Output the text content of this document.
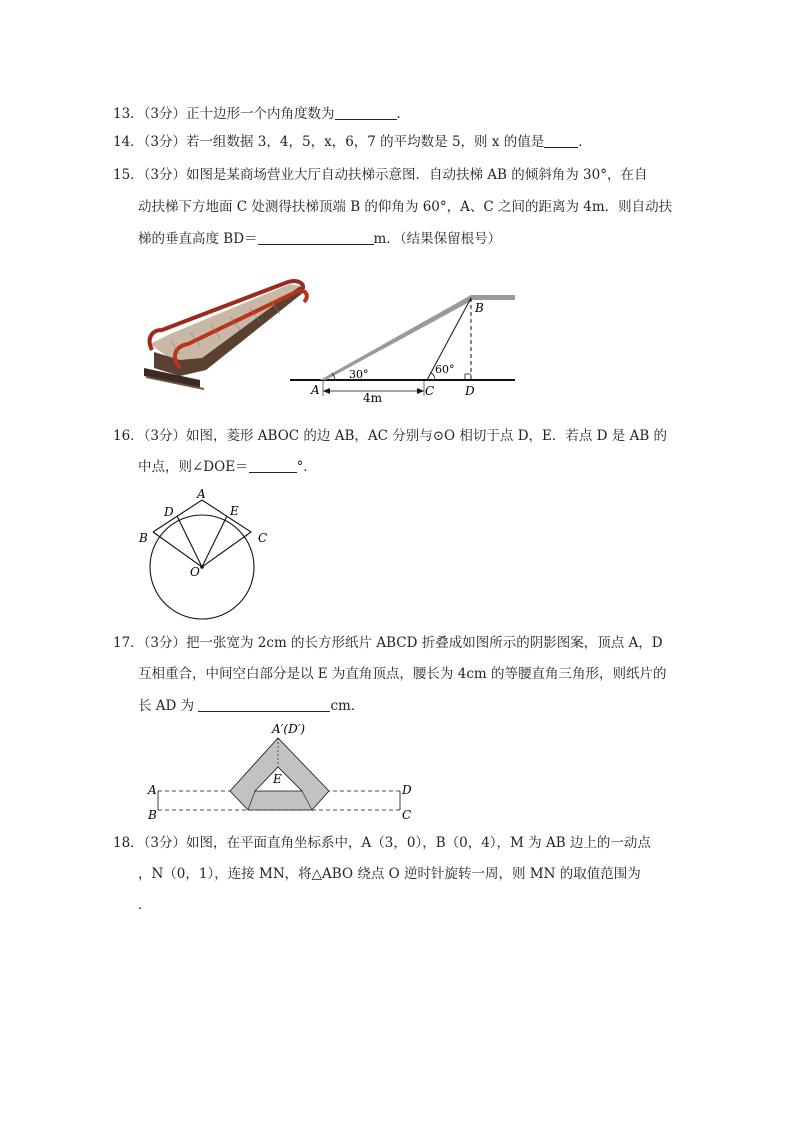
13．（3分）正十边形一个内角度数为	．
14．（3分）若一组数据 3，4，5，x，6，7 的平均数是 5，则 x 的值是	．
15．（3分）如图是某商场营业大厅自动扶梯示意图．自动扶梯 AB 的倾斜角为 30°，在自
动扶梯下方地面 C 处测得扶梯顶端 B 的仰角为 60°，A、C 之间的距离为 4m．则自动扶
梯的垂直高度 BD＝	m．（结果保留根号）
A
B
C	D
30°	60°
4m
16．（3分）如图，菱形 ABOC 的边 AB，AC 分别与⊙O 相切于点 D，E．若点 D 是 AB 的
中点，则∠DOE＝	°．
A
B	C
D	E
O
17．（3分）把一张宽为 2cm 的长方形纸片 ABCD 折叠成如图所示的阴影图案，顶点 A，D
互相重合，中间空白部分是以 E 为直角顶点，腰长为 4cm 的等腰直角三角形，则纸片的
长 AD 为	cm．
A′(D′)
E
A
B
D
C
18．（3分）如图，在平面直角坐标系中，A（3，0），B（0，4），M 为 AB 边上的一动点
，N（0，1），连接 MN，将△ABO 绕点 O 逆时针旋转一周，则 MN 的取值范围为
．
